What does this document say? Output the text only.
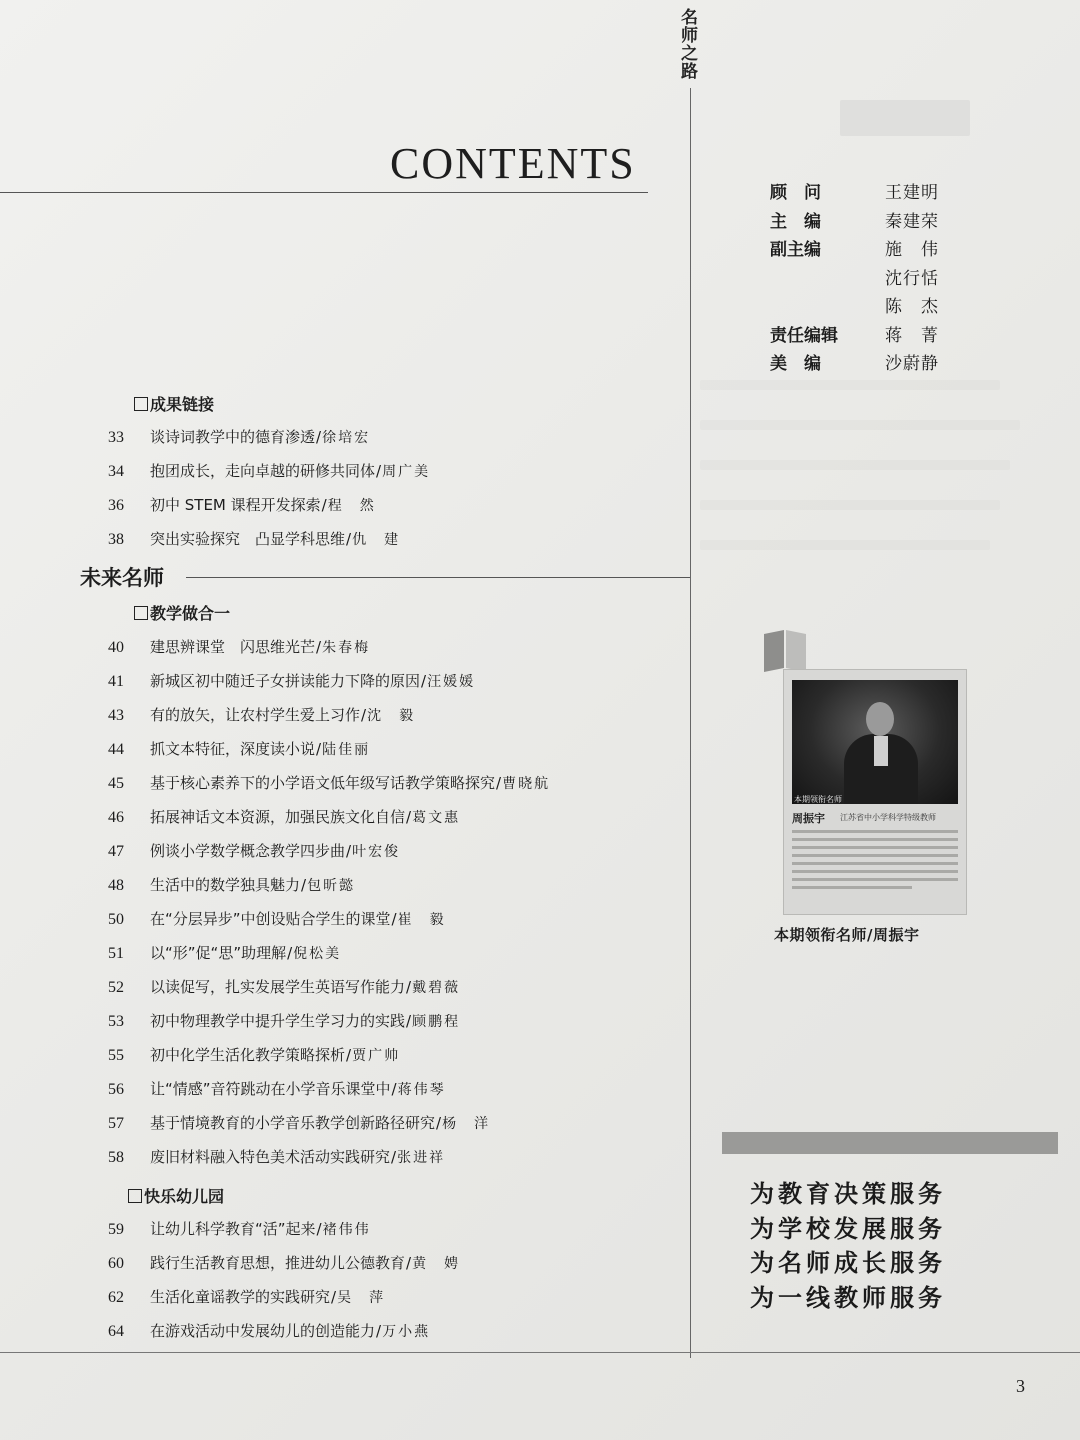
名师之路
CONTENTS
顾　问	王建明
主　编	秦建荣
副主编	施　伟
沈行恬
陈　杰
责任编辑	蒋　菁
美　编	沙蔚静
成果链接
33 谈诗词教学中的德育渗透/徐培宏
34 抱团成长，走向卓越的研修共同体/周广美
36 初中 STEM 课程开发探索/程　然
38 突出实验探究　凸显学科思维/仇　建
未来名师
教学做合一
40 建思辨课堂　闪思维光芒/朱春梅
41 新城区初中随迁子女拼读能力下降的原因/汪媛媛
43 有的放矢，让农村学生爱上习作/沈　毅
44 抓文本特征，深度读小说/陆佳丽
45 基于核心素养下的小学语文低年级写话教学策略探究/曹晓航
46 拓展神话文本资源，加强民族文化自信/葛文惠
47 例谈小学数学概念教学四步曲/叶宏俊
48 生活中的数学独具魅力/包昕懿
50 在“分层异步”中创设贴合学生的课堂/崔　毅
51 以“形”促“思”助理解/倪松美
52 以读促写，扎实发展学生英语写作能力/戴碧薇
53 初中物理教学中提升学生学习力的实践/顾鹏程
55 初中化学生活化教学策略探析/贾广帅
56 让“情感”音符跳动在小学音乐课堂中/蒋伟琴
57 基于情境教育的小学音乐教学创新路径研究/杨　洋
58 废旧材料融入特色美术活动实践研究/张进祥
快乐幼儿园
59 让幼儿科学教育“活”起来/褚伟伟
60 践行生活教育思想，推进幼儿公德教育/黄　娉
62 生活化童谣教学的实践研究/吴　萍
64 在游戏活动中发展幼儿的创造能力/万小燕
本期领衔名师
周振宇 江苏省中小学科学特级教师
本期领衔名师/周振宇
为教育决策服务
为学校发展服务
为名师成长服务
为一线教师服务
3
